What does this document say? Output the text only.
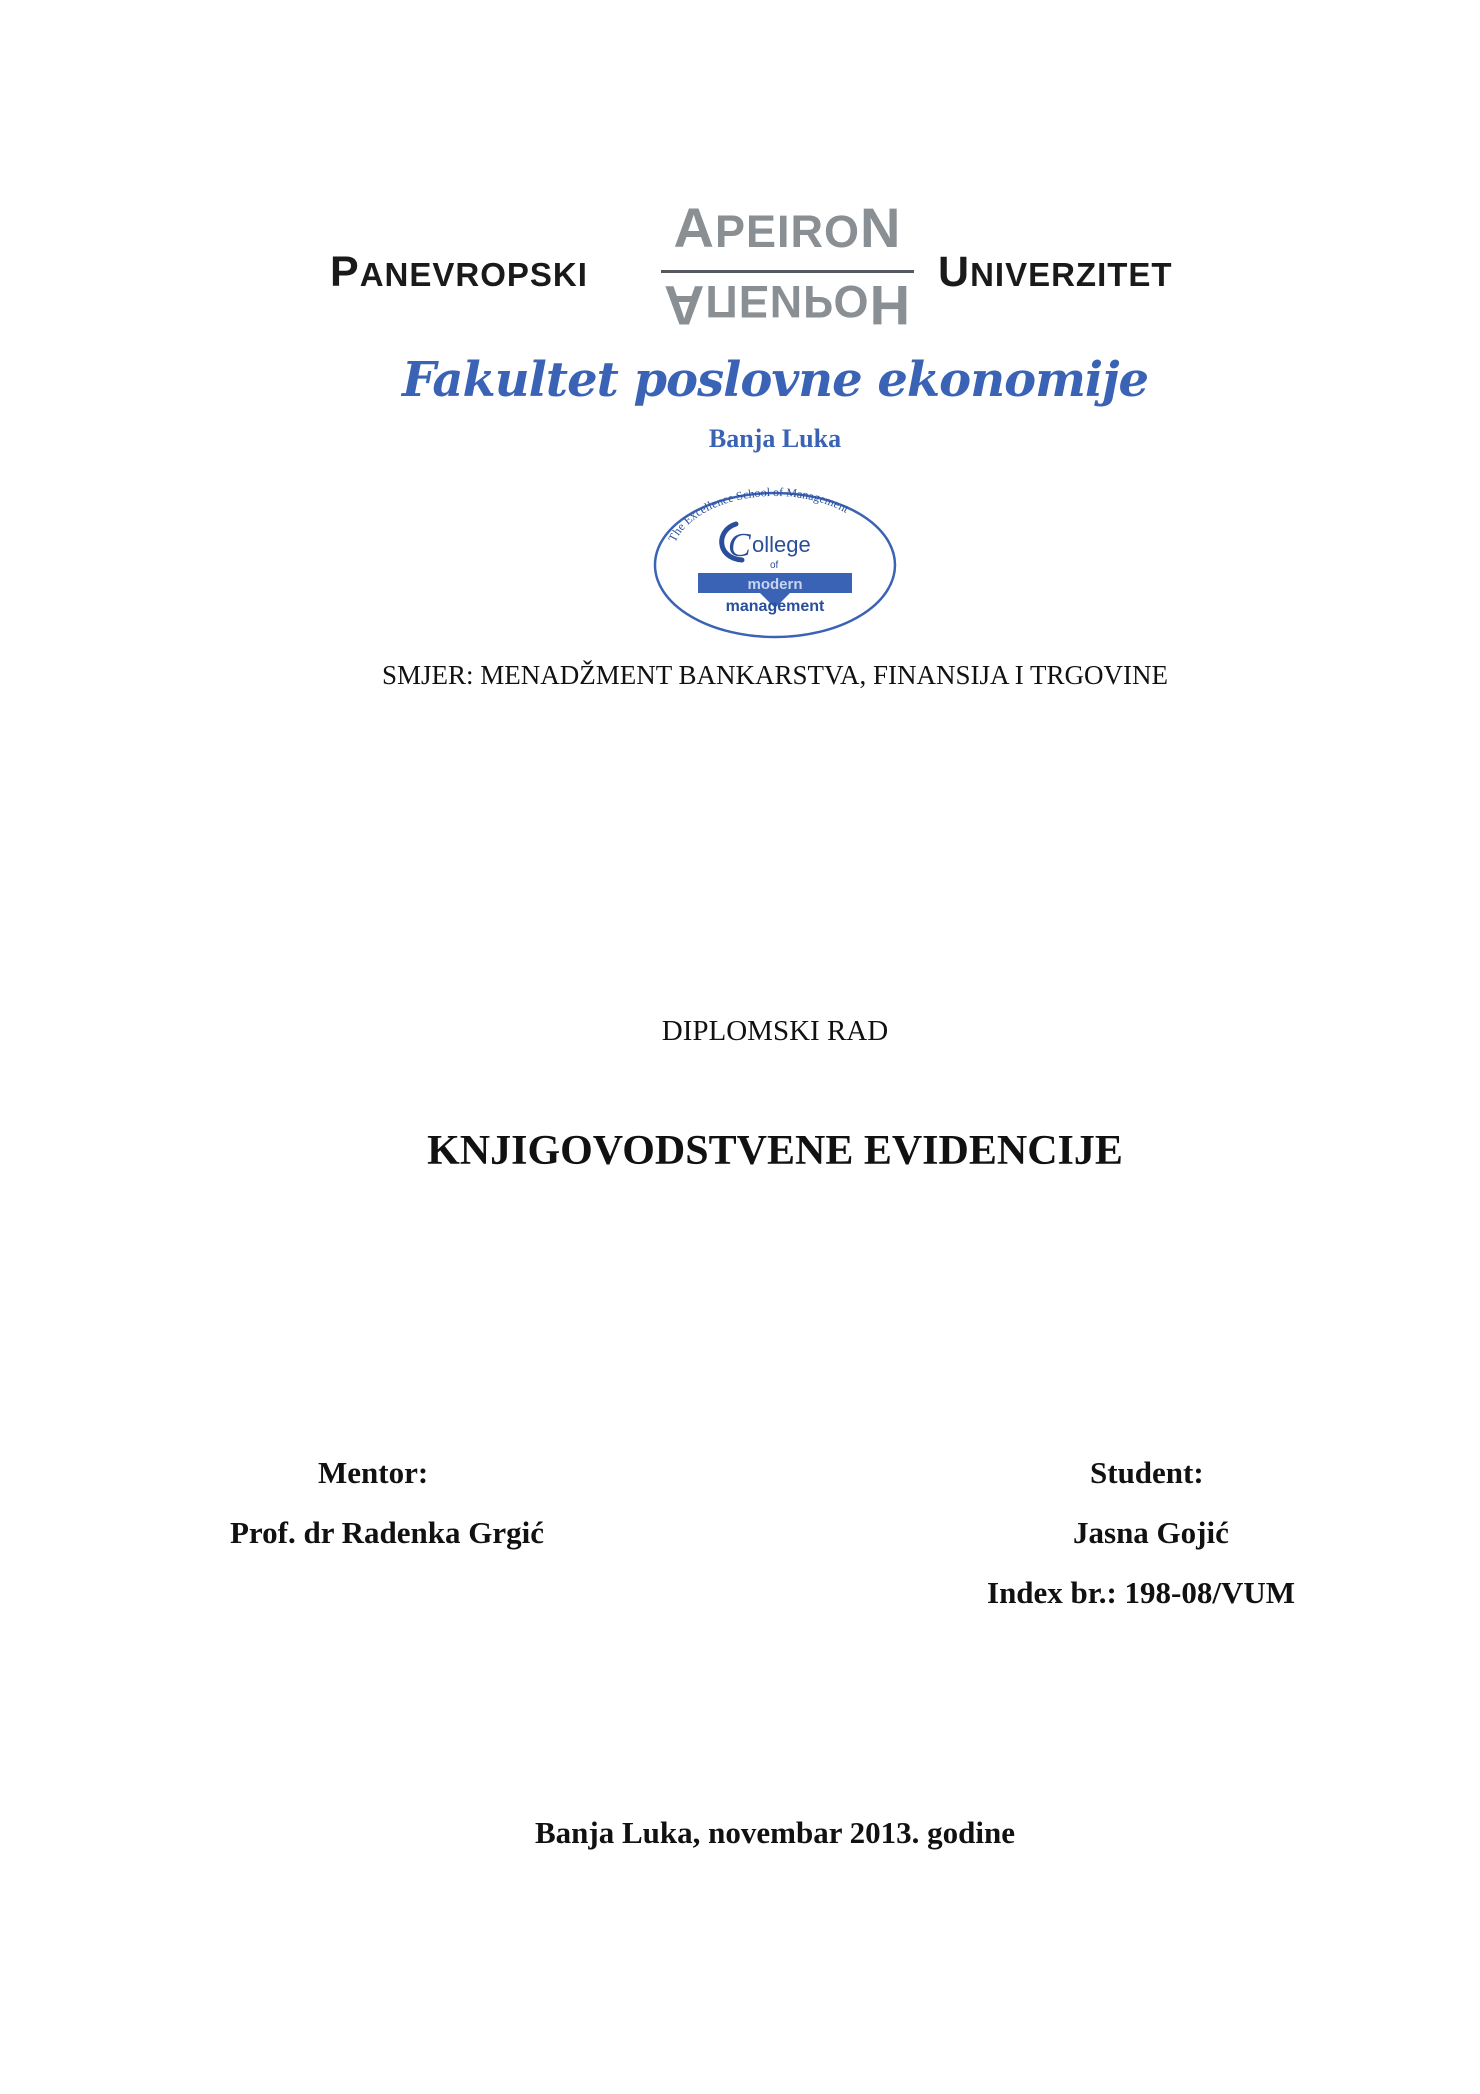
PANEVROPSKI
APEIRON
AПЕИРОН
UNIVERZITET
Fakultet poslovne ekonomije
Banja Luka
The Excellence School of Management
C ollege
of
modern
management
SMJER: MENADŽMENT BANKARSTVA, FINANSIJA I TRGOVINE
DIPLOMSKI RAD
KNJIGOVODSTVENE EVIDENCIJE
Mentor:
Prof. dr Radenka Grgić
Student:
Jasna Gojić
Index br.: 198-08/VUM
Banja Luka, novembar 2013. godine
